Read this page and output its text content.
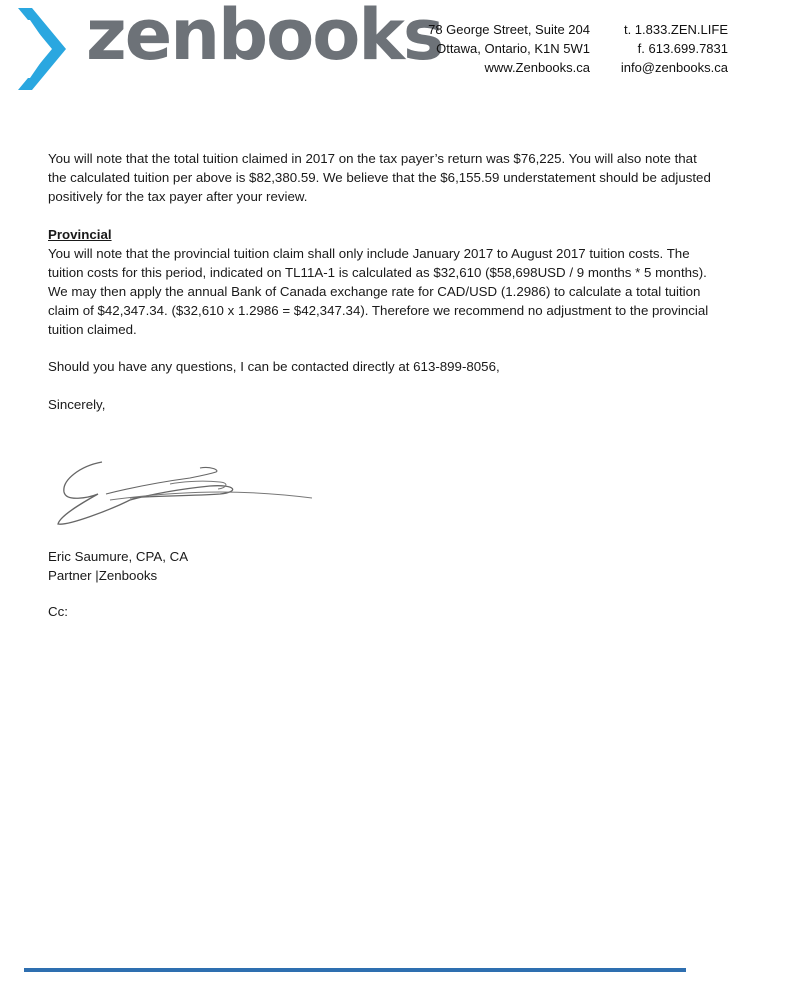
zenbooks
78 George Street, Suite 204
Ottawa, Ontario, K1N 5W1
www.Zenbooks.ca
t. 1.833.ZEN.LIFE
f. 613.699.7831
info@zenbooks.ca

You will note that the total tuition claimed in 2017 on the tax payer’s return was $76,225. You will also note that the calculated tuition per above is $82,380.59. We believe that the $6,155.59 understatement should be adjusted positively for the tax payer after your review.

Provincial

You will note that the provincial tuition claim shall only include January 2017 to August 2017 tuition costs. The tuition costs for this period, indicated on TL11A-1 is calculated as $32,610 ($58,698USD / 9 months * 5 months). We may then apply the annual Bank of Canada exchange rate for CAD/USD (1.2986) to calculate a total tuition claim of $42,347.34. ($32,610 x 1.2986 = $42,347.34). Therefore we recommend no adjustment to the provincial tuition claimed.

Should you have any questions, I can be contacted directly at 613-899-8056,

Sincerely,

Eric Saumure, CPA, CA
Partner |Zenbooks
Cc:
